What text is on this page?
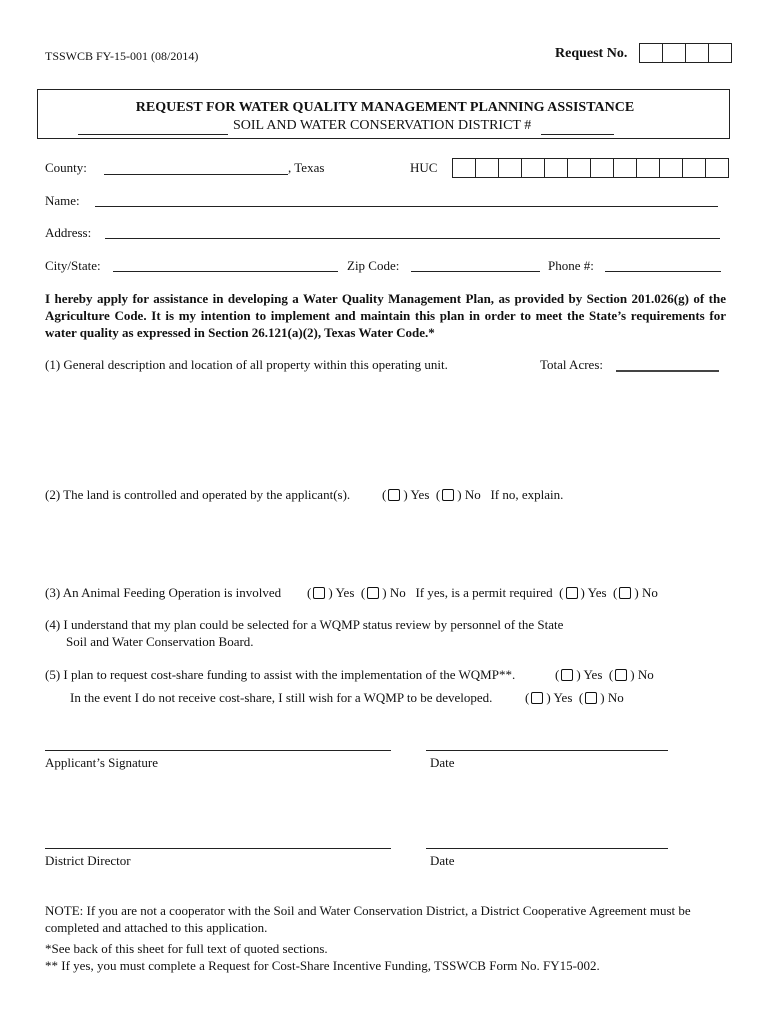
TSSWCB FY-15-001 (08/2014)	Request No.
REQUEST FOR WATER QUALITY MANAGEMENT PLANNING ASSISTANCE
SOIL AND WATER CONSERVATION DISTRICT #
County:	, Texas	HUC
Name:
Address:
City/State:	Zip Code:	Phone #:
I hereby apply for assistance in developing a Water Quality Management Plan, as provided by Section 201.026(g) of the Agriculture Code. It is my intention to implement and maintain this plan in order to meet the State’s requirements for water quality as expressed in Section 26.121(a)(2), Texas Water Code.*
(1) General description and location of all property within this operating unit.	Total Acres:
(2) The land is controlled and operated by the applicant(s). ( ) Yes ( ) No If no, explain.
(3) An Animal Feeding Operation is involved ( ) Yes ( ) No If yes, is a permit required ( ) Yes ( ) No
(4) I understand that my plan could be selected for a WQMP status review by personnel of the State
Soil and Water Conservation Board.
(5) I plan to request cost-share funding to assist with the implementation of the WQMP**.	( ) Yes ( ) No
In the event I do not receive cost-share, I still wish for a WQMP to be developed.	( ) Yes ( ) No
Applicant’s Signature	Date
District Director	Date
NOTE: If you are not a cooperator with the Soil and Water Conservation District, a District Cooperative Agreement must be completed and attached to this application.
*See back of this sheet for full text of quoted sections.
** If yes, you must complete a Request for Cost-Share Incentive Funding, TSSWCB Form No. FY15-002.
